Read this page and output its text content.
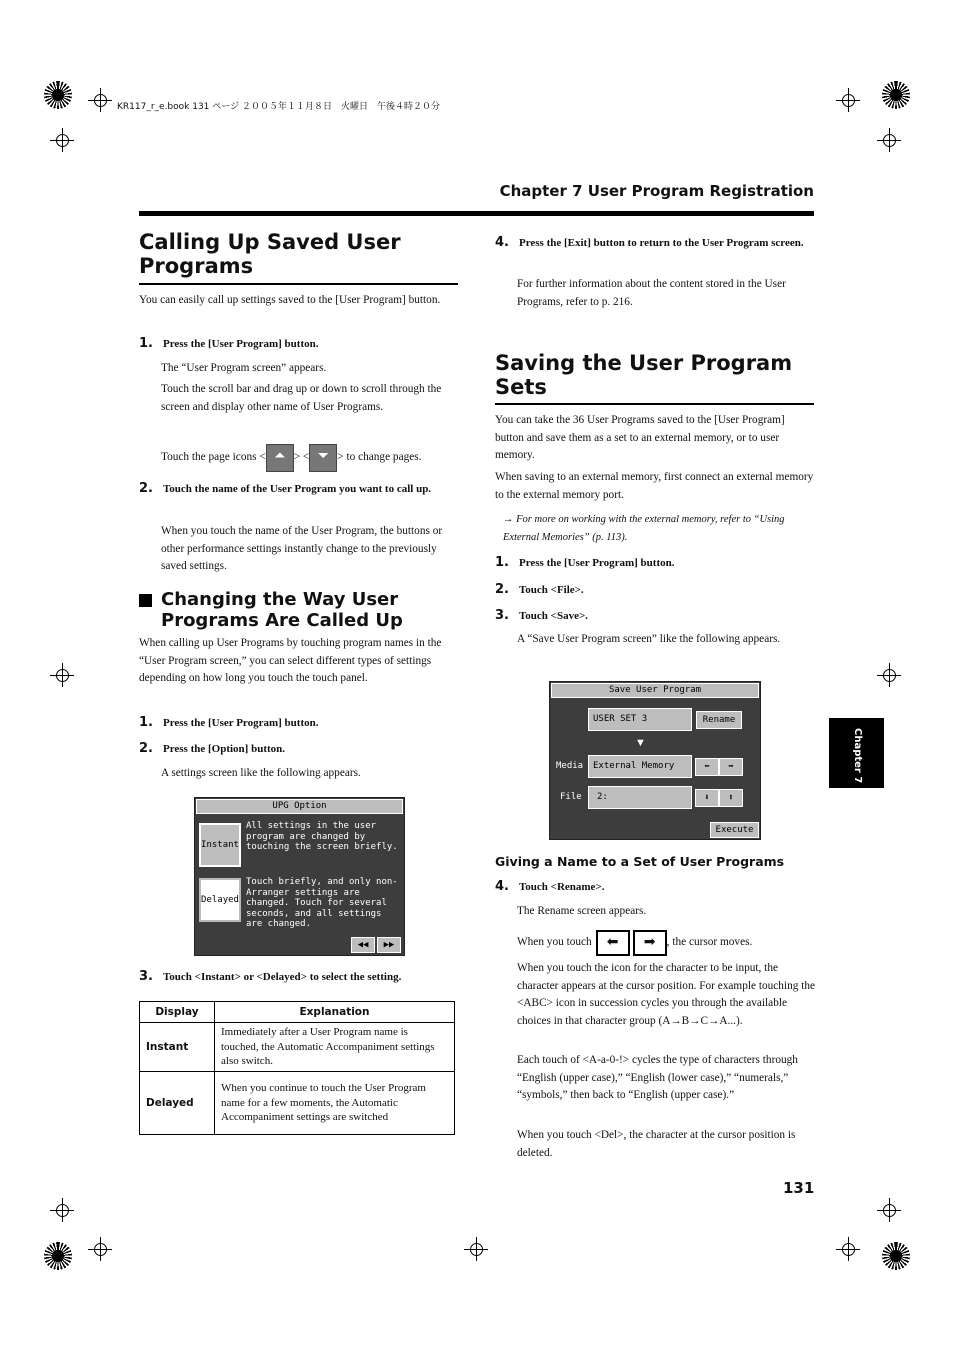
KR117_r_e.book 131 ページ ２００５年１１月８日　火曜日　午後４時２０分
Chapter 7 User Program Registration
Chapter 7
Calling Up Saved User Programs
You can easily call up settings saved to the [User Program] button.
1. Press the [User Program] button.
The “User Program screen” appears.
Touch the scroll bar and drag up or down to scroll through the screen and display other name of User Programs.
Touch the page icons < ⏶ > < ⏷ > to change pages.
2. Touch the name of the User Program you want to call up.
When you touch the name of the User Program, the buttons or other performance settings instantly change to the previously saved settings.
Changing the Way User Programs Are Called Up
When calling up User Programs by touching program names in the “User Program screen,” you can select different types of settings depending on how long you touch the touch panel.
1. Press the [User Program] button.
2. Press the [Option] button.
A settings screen like the following appears.
UPG Option
Instant
All settings in the user program are changed by touching the screen briefly.
Delayed
Touch briefly, and only non-Arranger settings are changed. Touch for several seconds, and all settings are changed.
◀◀	▶▶
3. Touch <Instant> or <Delayed> to select the setting.
Display	Explanation
Instant	Immediately after a User Program name is touched, the Automatic Accompaniment settings also switch.
Delayed	When you continue to touch the User Program name for a few moments, the Automatic Accompaniment settings are switched
4. Press the [Exit] button to return to the User Program screen.
For further information about the content stored in the User Programs, refer to p. 216.
Saving the User Program Sets
You can take the 36 User Programs saved to the [User Program] button and save them as a set to an external memory, or to user memory.
When saving to an external memory, first connect an external memory to the external memory port.
→ For more on working with the external memory, refer to “Using External Memories” (p. 113).
1. Press the [User Program] button.
2. Touch <File>.
3. Touch <Save>.
A “Save User Program screen” like the following appears.
Save User Program
USER SET 3	Rename
▼
Media	External Memory	⬅	➡
File	2:	⬇	⬆
Execute
Giving a Name to a Set of User Programs
4. Touch <Rename>.
The Rename screen appears.
When you touch	⬅	➡ , the cursor moves.
When you touch the icon for the character to be input, the character appears at the cursor position. For example touching the <ABC> icon in succession cycles you through the available choices in that character group (A→B→C→A...).
Each touch of <A-a-0-!> cycles the type of characters through “English (upper case),” “English (lower case),” “numerals,” “symbols,” then back to “English (upper case).”
When you touch <Del>, the character at the cursor position is deleted.
131
